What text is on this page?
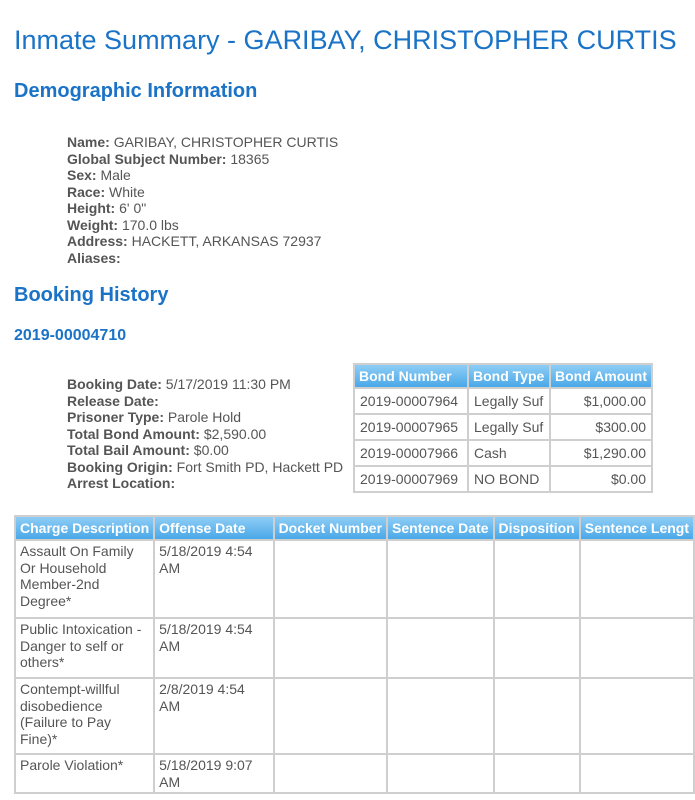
Inmate Summary - GARIBAY, CHRISTOPHER CURTIS
Demographic Information
Name: GARIBAY, CHRISTOPHER CURTIS
Global Subject Number: 18365
Sex: Male
Race: White
Height: 6' 0"
Weight: 170.0 lbs
Address: HACKETT, ARKANSAS 72937
Aliases:
Booking History
2019-00004710
Booking Date: 5/17/2019 11:30 PM
Release Date:
Prisoner Type: Parole Hold
Total Bond Amount: $2,590.00
Total Bail Amount: $0.00
Booking Origin: Fort Smith PD, Hackett PD
Arrest Location:
Bond Number	Bond Type	Bond Amount
2019-00007964	Legally Suf	$1,000.00
2019-00007965	Legally Suf	$300.00
2019-00007966	Cash	$1,290.00
2019-00007969	NO BOND	$0.00
Charge Description	Offense Date	Docket Number	Sentence Date	Disposition	Sentence Lengt
Assault On Family Or Household Member-2nd Degree*	5/18/2019 4:54 AM				
Public Intoxication - Danger to self or others*	5/18/2019 4:54 AM				
Contempt-willful disobedience (Failure to Pay Fine)*	2/8/2019 4:54 AM				
Parole Violation*	5/18/2019 9:07 AM				
